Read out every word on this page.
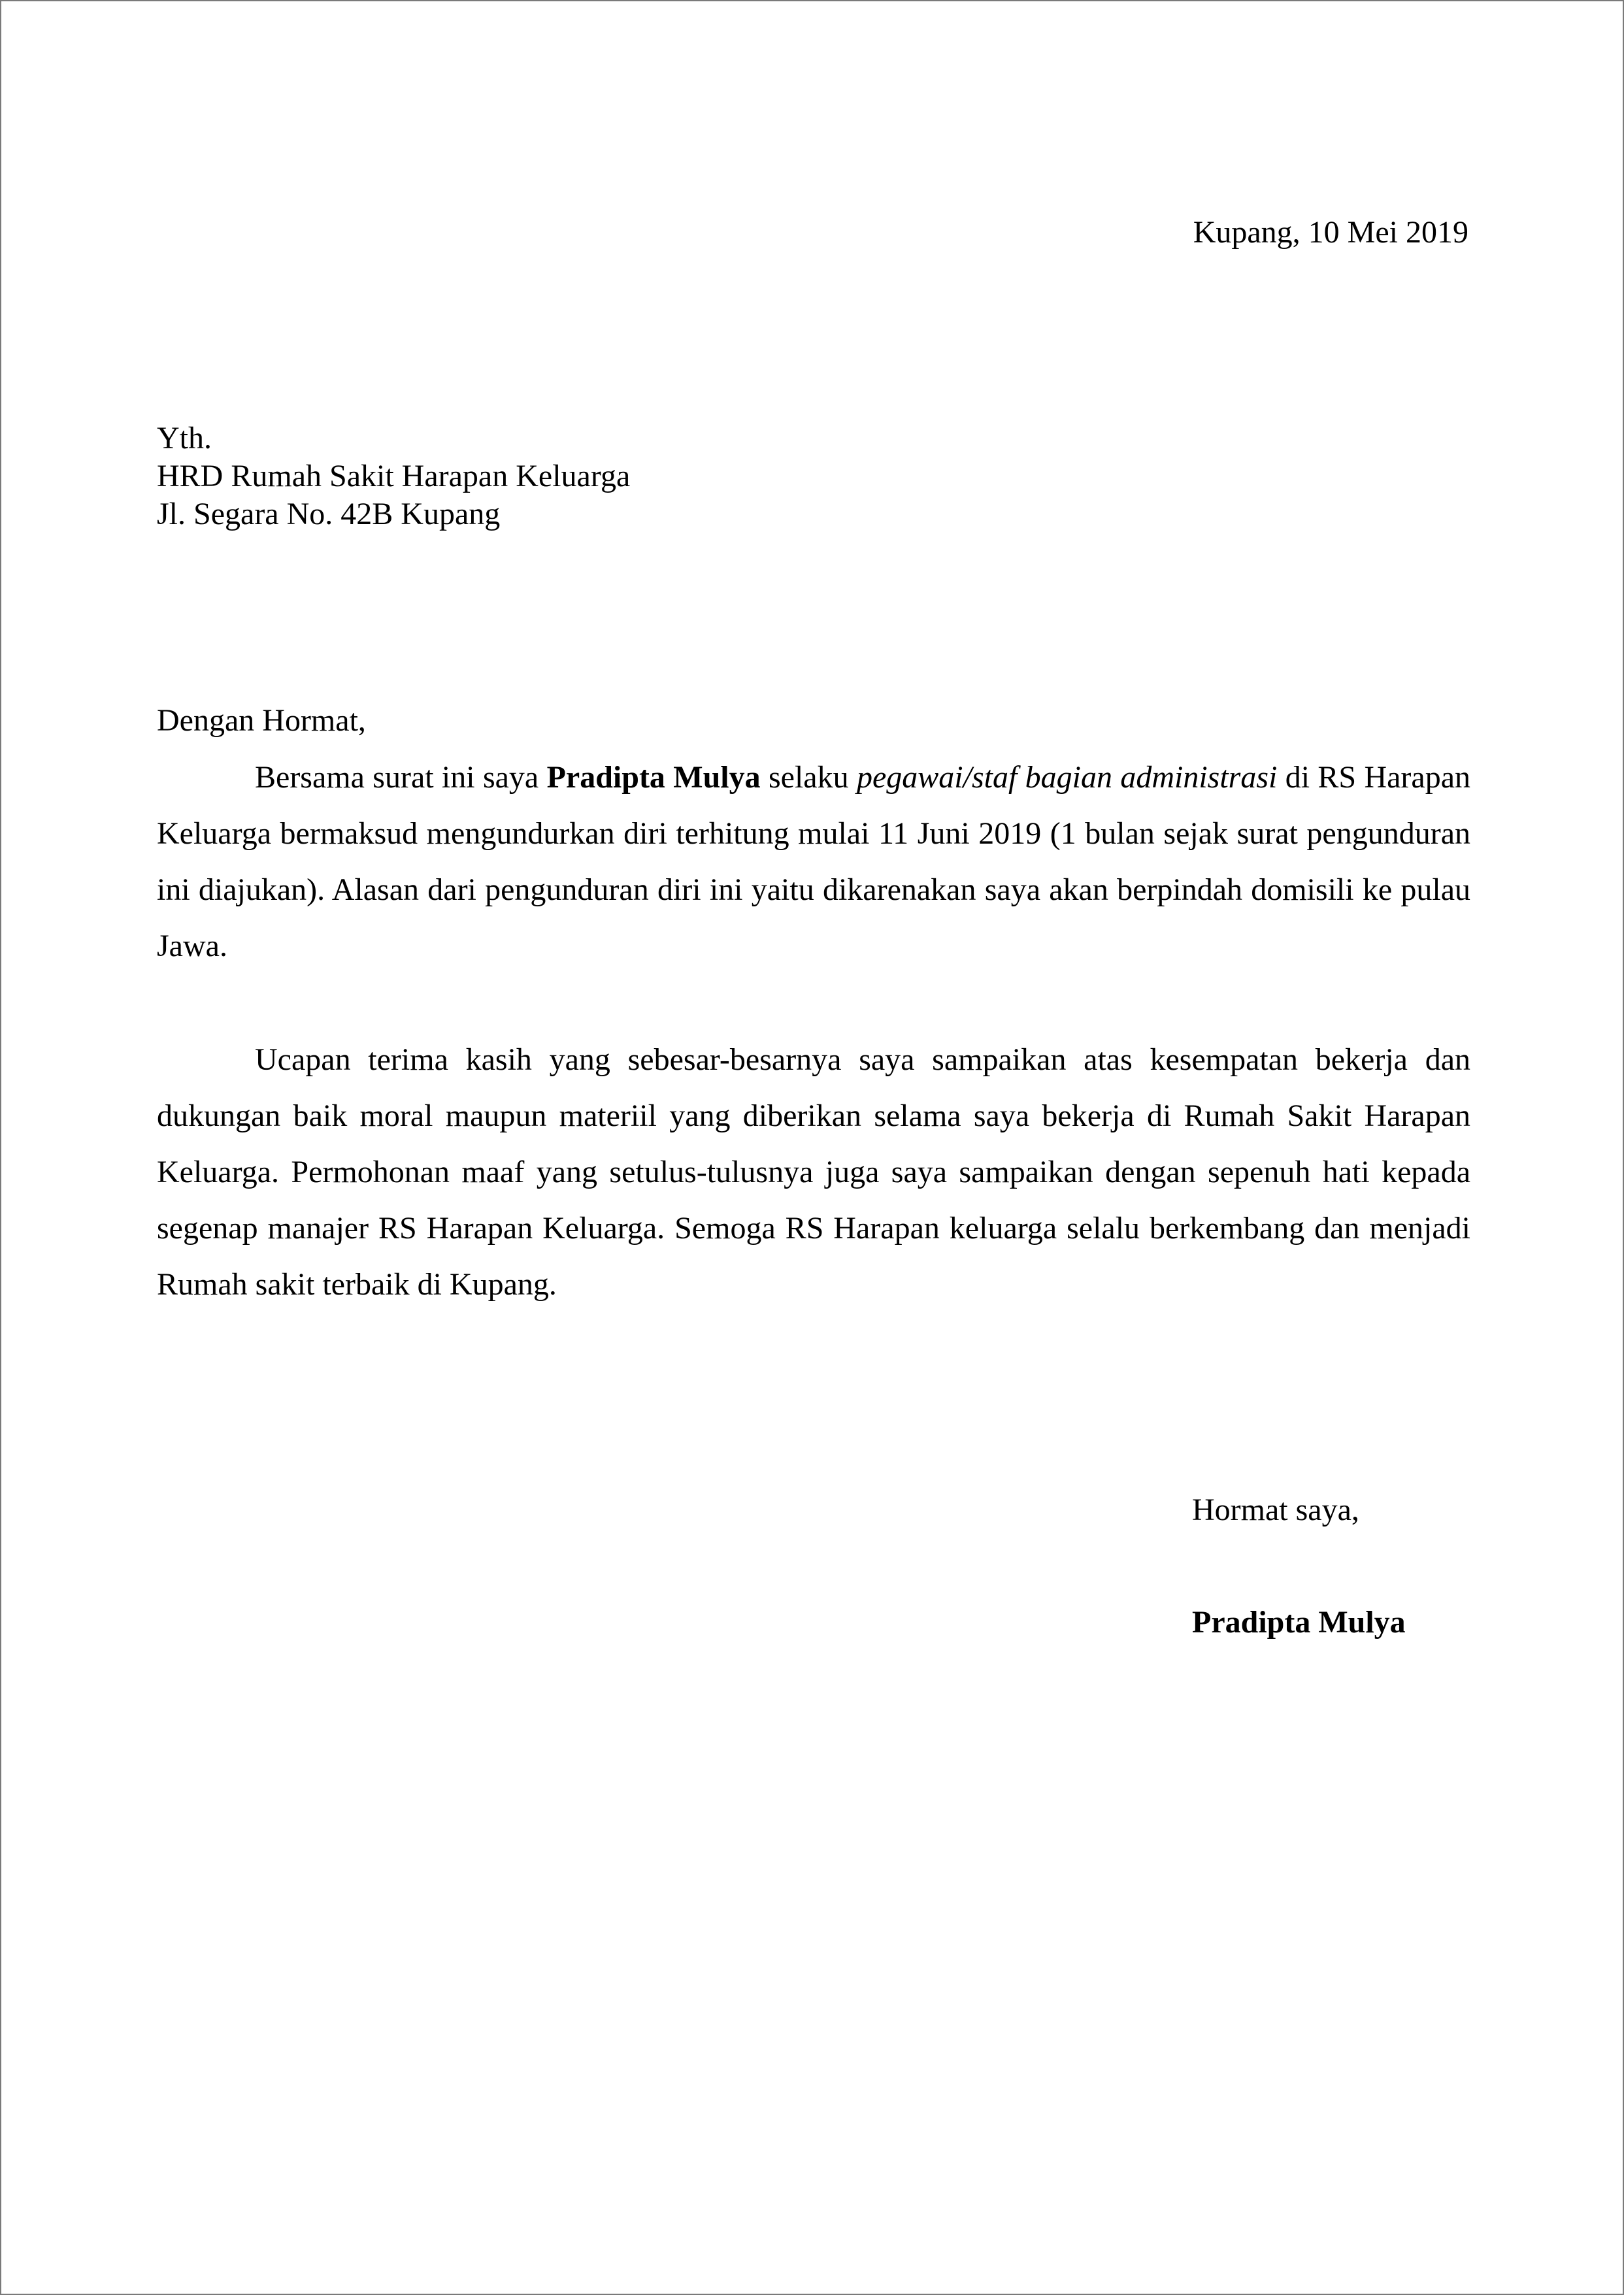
Kupang, 10 Mei 2019
Yth.
HRD Rumah Sakit Harapan Keluarga
Jl. Segara No. 42B Kupang
Dengan Hormat,
Bersama surat ini saya Pradipta Mulya selaku pegawai/staf bagian administrasi di RS Harapan Keluarga bermaksud mengundurkan diri terhitung mulai 11 Juni 2019 (1 bulan sejak surat pengunduran ini diajukan). Alasan dari pengunduran diri ini yaitu dikarenakan saya akan berpindah domisili ke pulau Jawa.
Ucapan terima kasih yang sebesar-besarnya saya sampaikan atas kesempatan bekerja dan dukungan baik moral maupun materiil yang diberikan selama saya bekerja di Rumah Sakit Harapan Keluarga. Permohonan maaf yang setulus-tulusnya juga saya sampaikan dengan sepenuh hati kepada segenap manajer RS Harapan Keluarga. Semoga RS Harapan keluarga selalu berkembang dan menjadi Rumah sakit terbaik di Kupang.
Hormat saya,
Pradipta Mulya
